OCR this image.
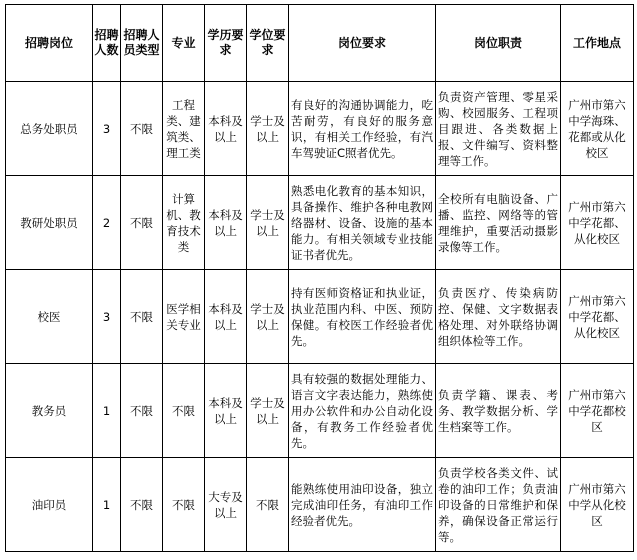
招聘岗位	招聘人数	招聘人员类型	专业	学历要求	学位要求	岗位要求	岗位职责	工作地点
总务处职员	3	不限	工程类、建筑类、理工类	本科及以上	学士及以上	有良好的沟通协调能力，吃苦耐劳，有良好的服务意识，有相关工作经验，有汽车驾驶证C照者优先。	负责资产管理、零星采购、校园服务、工程项目跟进、各类数据上报、文件编写、资料整理等工作。	广州市第六中学海珠、花都或从化校区

教研处职员	2	不限	计算机、教育技术类	本科及以上	学士及以上	熟悉电化教育的基本知识，具备操作、维护各种电教网络器材、设备、设施的基本能力。有相关领域专业技能证书者优先。	全校所有电脑设备、广播、监控、网络等的管理维护，重要活动摄影录像等工作。	广州市第六中学花都、从化校区

校医	3	不限	医学相关专业	本科及以上	学士及以上	持有医师资格证和执业证，执业范围内科、中医、预防保健。有校医工作经验者优先。	负责医疗、传染病防控、保健、文字数据表格处理、对外联络协调组织体检等工作。	广州市第六中学花都、从化校区

教务员	1	不限	不限	本科及以上	学士及以上	具有较强的数据处理能力、语言文字表达能力，熟练使用办公软件和办公自动化设备，有教务工作经验者优先。	负责学籍、课表、考务、教学数据分析、学生档案等工作。	广州市第六中学花都校区

油印员	1	不限	不限	大专及以上	不限	能熟练使用油印设备，独立完成油印任务，有油印工作经验者优先。	负责学校各类文件、试卷的油印工作；负责油印设备的日常维护和保养，确保设备正常运行等。	广州市第六中学从化校区
